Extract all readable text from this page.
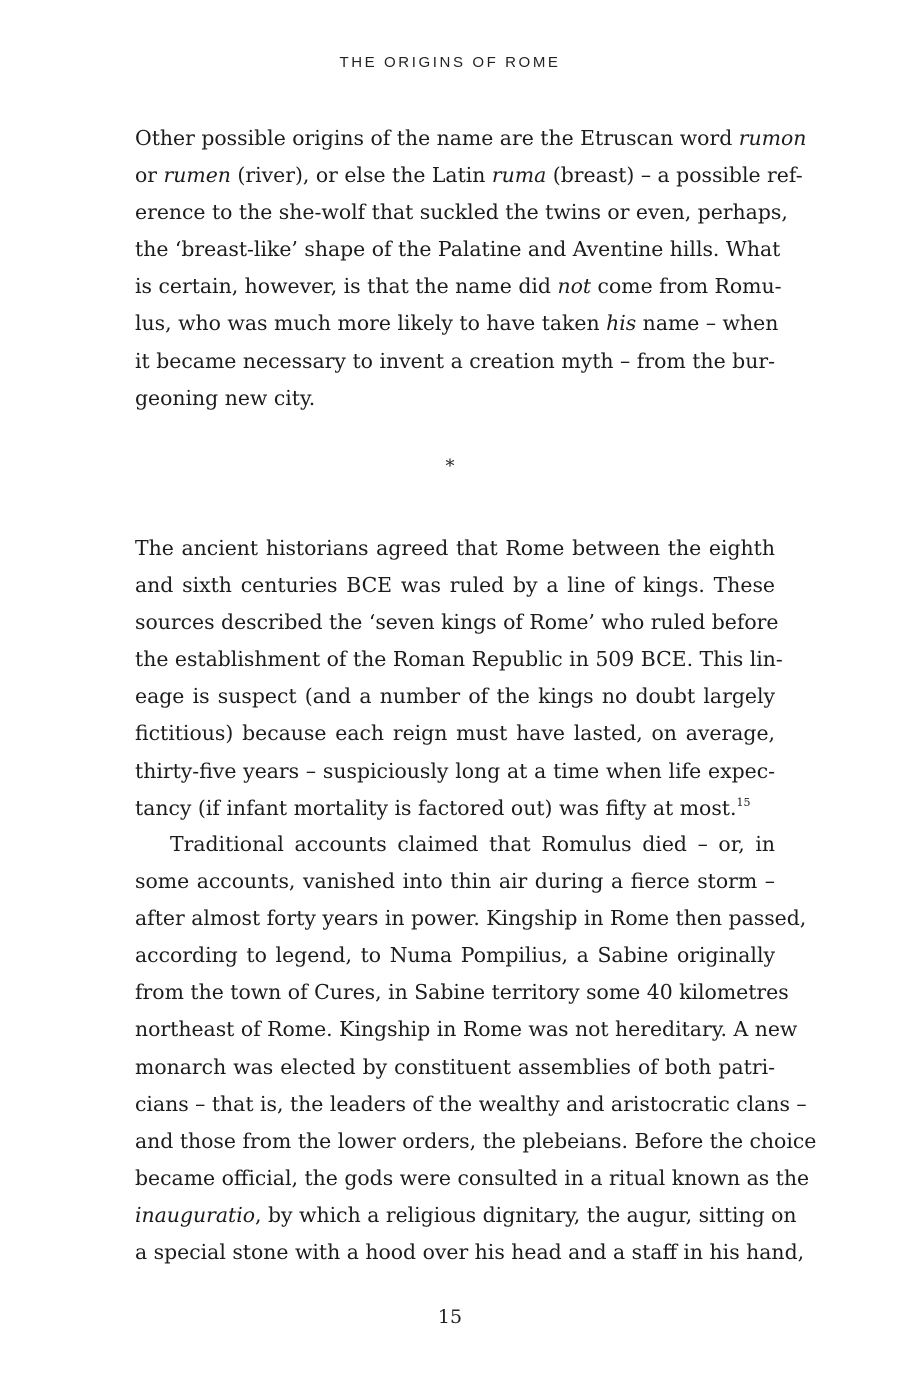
THE ORIGINS OF ROME
Other possible origins of the name are the Etruscan word rumon
or rumen (river), or else the Latin ruma (breast) – a possible ref-
erence to the she-wolf that suckled the twins or even, perhaps,
the ‘breast-like’ shape of the Palatine and Aventine hills. What
is certain, however, is that the name did not come from Romu-
lus, who was much more likely to have taken his name – when
it became necessary to invent a creation myth – from the bur-
geoning new city.
*
The ancient historians agreed that Rome between the eighth
and sixth centuries BCE was ruled by a line of kings. These
sources described the ‘seven kings of Rome’ who ruled before
the establishment of the Roman Republic in 509 BCE. This lin-
eage is suspect (and a number of the kings no doubt largely
fictitious) because each reign must have lasted, on average,
thirty-five years – suspiciously long at a time when life expec-
tancy (if infant mortality is factored out) was fifty at most.$^{15}$
Traditional accounts claimed that Romulus died – or, in
some accounts, vanished into thin air during a fierce storm –
after almost forty years in power. Kingship in Rome then passed,
according to legend, to Numa Pompilius, a Sabine originally
from the town of Cures, in Sabine territory some 40 kilometres
northeast of Rome. Kingship in Rome was not hereditary. A new
monarch was elected by constituent assemblies of both patri-
cians – that is, the leaders of the wealthy and aristocratic clans –
and those from the lower orders, the plebeians. Before the choice
became official, the gods were consulted in a ritual known as the
inauguratio, by which a religious dignitary, the augur, sitting on
a special stone with a hood over his head and a staff in his hand,
15
